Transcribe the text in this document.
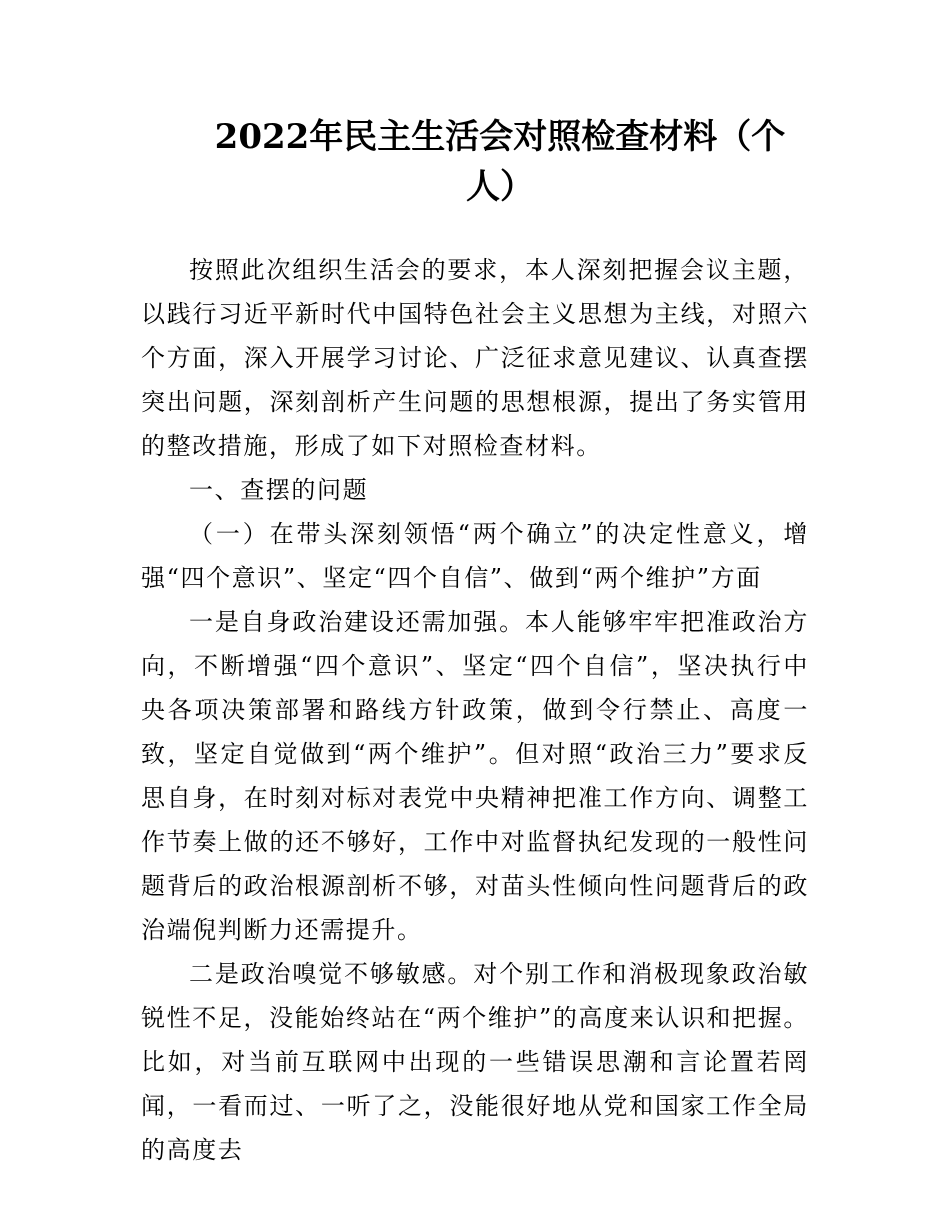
2022年民主生活会对照检查材料（个人）

按照此次组织生活会的要求，本人深刻把握会议主题，以践行习近平新时代中国特色社会主义思想为主线，对照六个方面，深入开展学习讨论、广泛征求意见建议、认真查摆突出问题，深刻剖析产生问题的思想根源，提出了务实管用的整改措施，形成了如下对照检查材料。

一、查摆的问题

（一）在带头深刻领悟“两个确立”的决定性意义，增强“四个意识”、坚定“四个自信”、做到“两个维护”方面

一是自身政治建设还需加强。本人能够牢牢把准政治方向，不断增强“四个意识”、坚定“四个自信”，坚决执行中央各项决策部署和路线方针政策，做到令行禁止、高度一致，坚定自觉做到“两个维护”。但对照“政治三力”要求反思自身，在时刻对标对表党中央精神把准工作方向、调整工作节奏上做的还不够好，工作中对监督执纪发现的一般性问题背后的政治根源剖析不够，对苗头性倾向性问题背后的政治端倪判断力还需提升。

二是政治嗅觉不够敏感。对个别工作和消极现象政治敏锐性不足，没能始终站在“两个维护”的高度来认识和把握。比如，对当前互联网中出现的一些错误思潮和言论置若罔闻，一看而过、一听了之，没能很好地从党和国家工作全局的高度去
